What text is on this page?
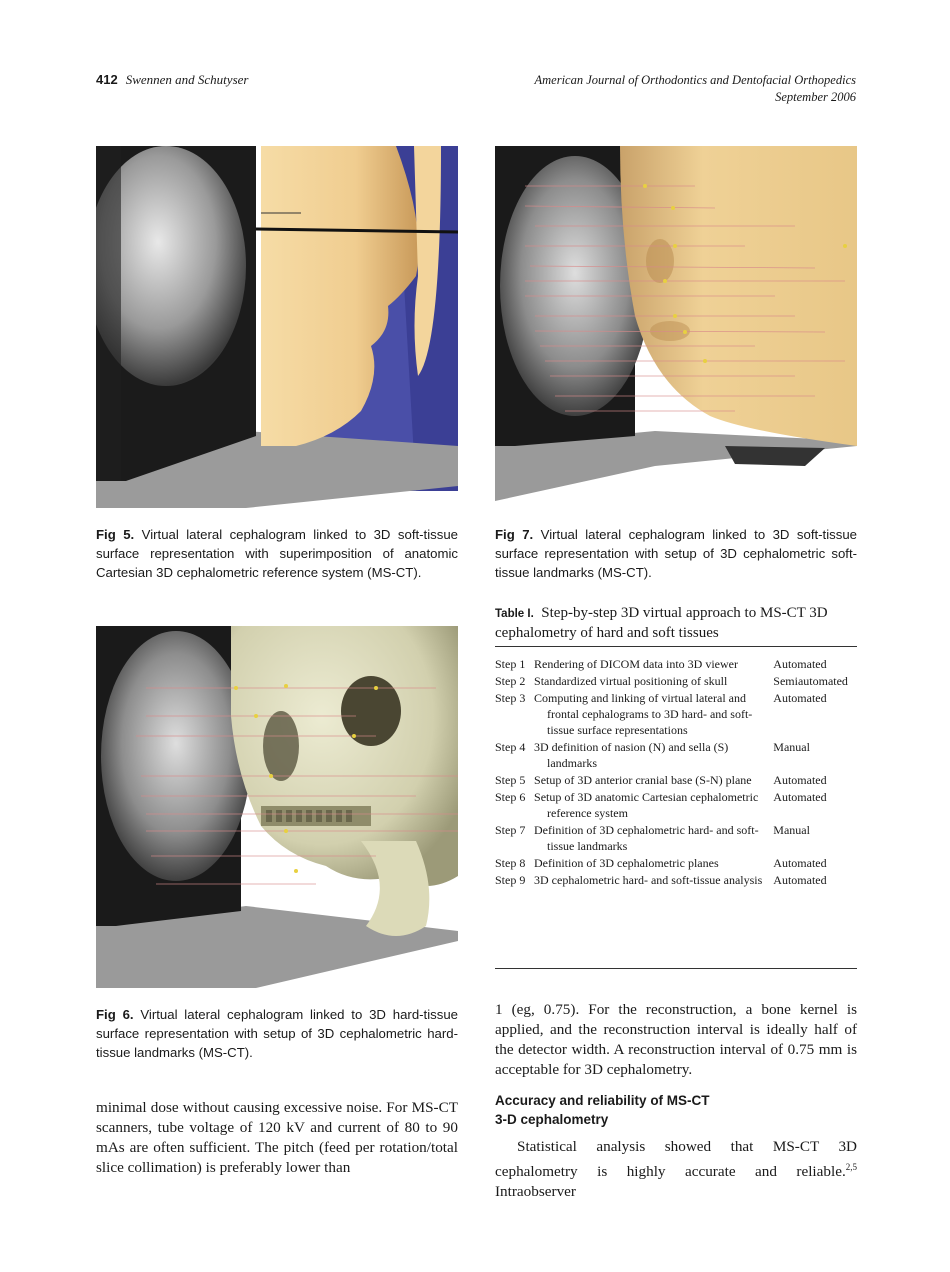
412 Swennen and Schutyser	American Journal of Orthodontics and Dentofacial Orthopedics
September 2006
Fig 5. Virtual lateral cephalogram linked to 3D soft-tissue surface representation with superimposition of anatomic Cartesian 3D cephalometric reference system (MS-CT).
Fig 7. Virtual lateral cephalogram linked to 3D soft-tissue surface representation with setup of 3D cephalometric soft-tissue landmarks (MS-CT).
Fig 6. Virtual lateral cephalogram linked to 3D hard-tissue surface representation with setup of 3D cephalometric hard-tissue landmarks (MS-CT).
Table I. Step-by-step 3D virtual approach to MS-CT 3D cephalometry of hard and soft tissues
Step 1	Rendering of DICOM data into 3D viewer	Automated
Step 2	Standardized virtual positioning of skull	Semiautomated
Step 3	Computing and linking of virtual lateral and frontal cephalograms to 3D hard- and soft-tissue surface representations	Automated
Step 4	3D definition of nasion (N) and sella (S) landmarks	Manual
Step 5	Setup of 3D anterior cranial base (S-N) plane	Automated
Step 6	Setup of 3D anatomic Cartesian cephalometric reference system	Automated
Step 7	Definition of 3D cephalometric hard- and soft-tissue landmarks	Manual
Step 8	Definition of 3D cephalometric planes	Automated
Step 9	3D cephalometric hard- and soft-tissue analysis	Automated

minimal dose without causing excessive noise. For MS-CT scanners, tube voltage of 120 kV and current of 80 to 90 mAs are often sufficient. The pitch (feed per rotation/total slice collimation) is preferably lower than

1 (eg, 0.75). For the reconstruction, a bone kernel is applied, and the reconstruction interval is ideally half of the detector width. A reconstruction interval of 0.75 mm is acceptable for 3D cephalometry.

Accuracy and reliability of MS-CT
3-D cephalometry

Statistical analysis showed that MS-CT 3D cephalometry is highly accurate and reliable.$^{2,5}$ Intraobserver
